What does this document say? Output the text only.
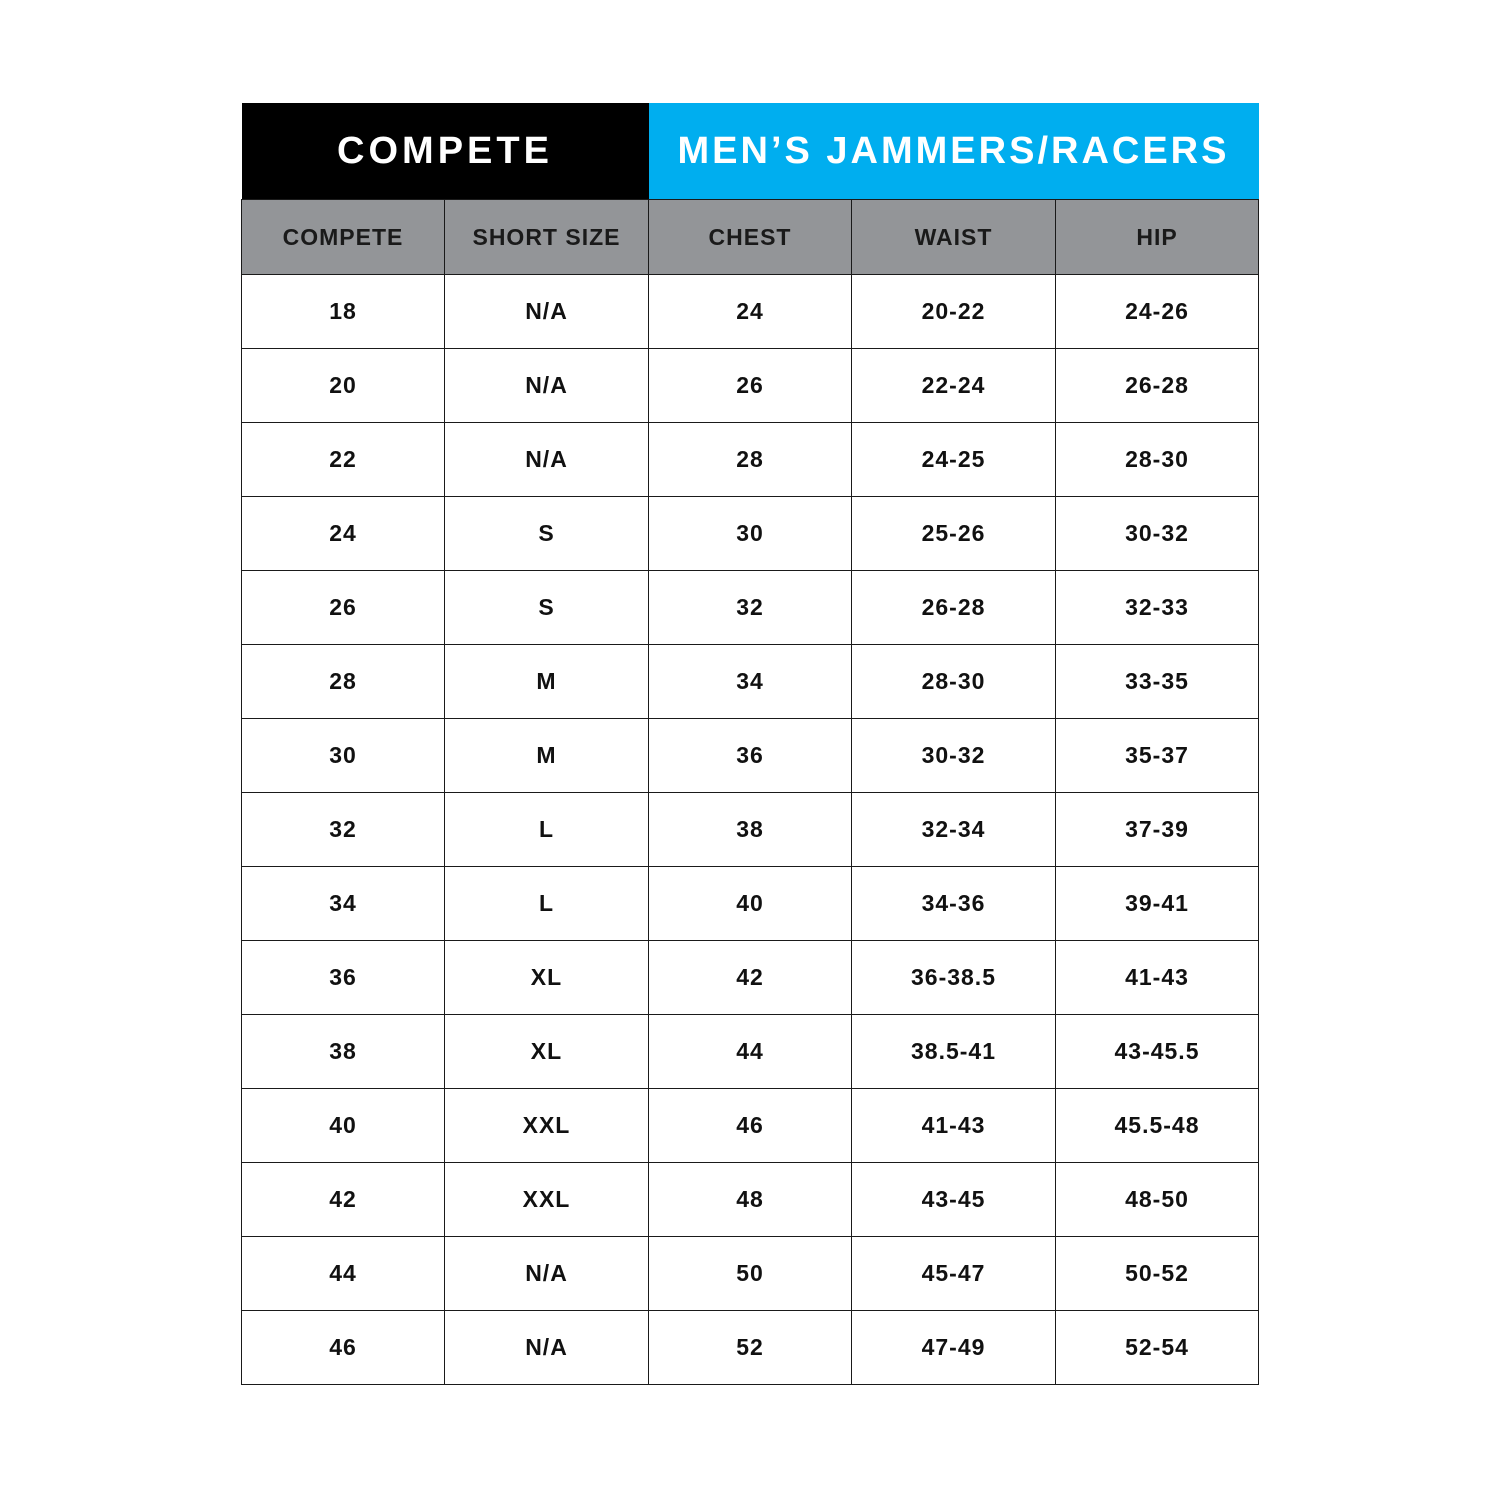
COMPETE		MEN’S JAMMERS/RACERS		
COMPETE	SHORT SIZE	CHEST	WAIST	HIP
18	N/A	24	20-22	24-26
20	N/A	26	22-24	26-28
22	N/A	28	24-25	28-30
24	S	30	25-26	30-32
26	S	32	26-28	32-33
28	M	34	28-30	33-35
30	M	36	30-32	35-37
32	L	38	32-34	37-39
34	L	40	34-36	39-41
36	XL	42	36-38.5	41-43
38	XL	44	38.5-41	43-45.5
40	XXL	46	41-43	45.5-48
42	XXL	48	43-45	48-50
44	N/A	50	45-47	50-52
46	N/A	52	47-49	52-54
